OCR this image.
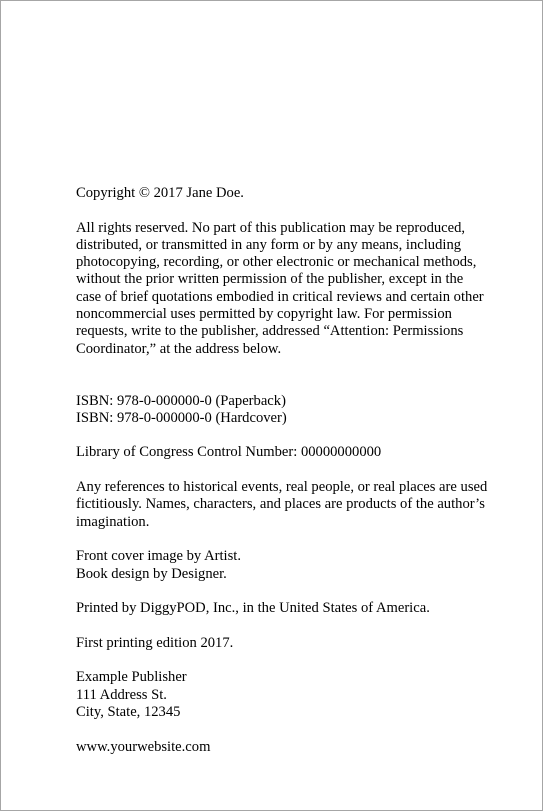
Copyright © 2017 Jane Doe.

All rights reserved. No part of this publication may be reproduced,
distributed, or transmitted in any form or by any means, including
photocopying, recording, or other electronic or mechanical methods,
without the prior written permission of the publisher, except in the
case of brief quotations embodied in critical reviews and certain other
noncommercial uses permitted by copyright law. For permission
requests, write to the publisher, addressed “Attention: Permissions
Coordinator,” at the address below.

ISBN: 978-0-000000-0 (Paperback)
ISBN: 978-0-000000-0 (Hardcover)

Library of Congress Control Number: 00000000000

Any references to historical events, real people, or real places are used
fictitiously. Names, characters, and places are products of the author’s
imagination.

Front cover image by Artist.
Book design by Designer.

Printed by DiggyPOD, Inc., in the United States of America.

First printing edition 2017.

Example Publisher
111 Address St.
City, State, 12345

www.yourwebsite.com
